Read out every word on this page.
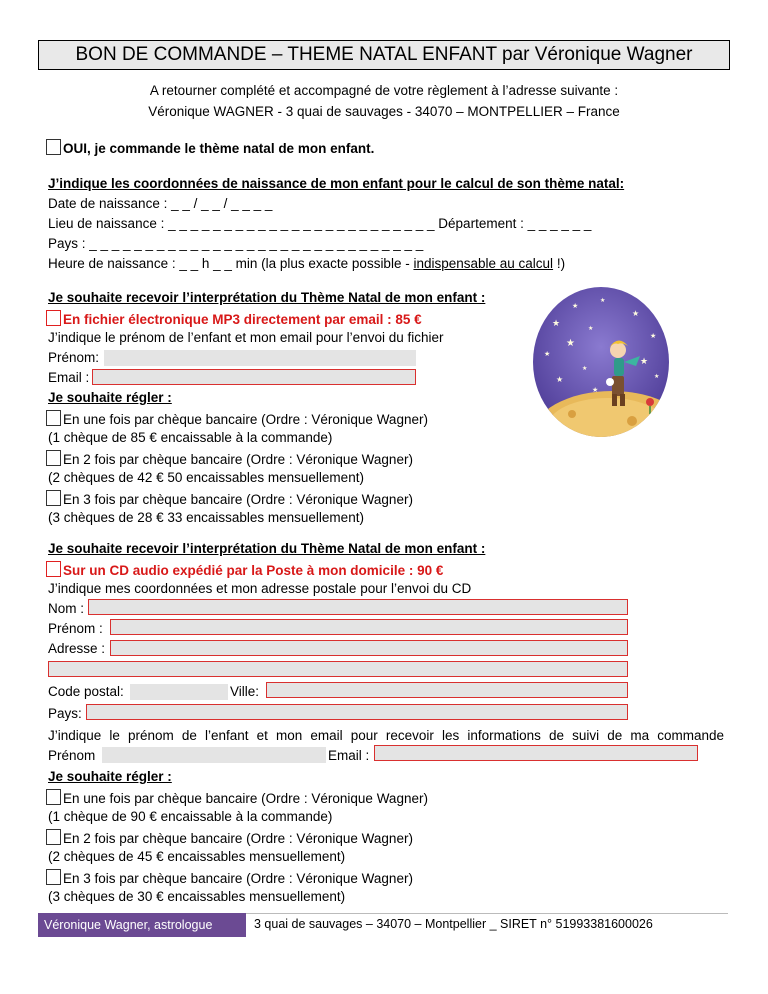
BON DE COMMANDE – THEME NATAL ENFANT par Véronique Wagner
A retourner complété et accompagné de votre règlement à l’adresse suivante :
Véronique WAGNER - 3 quai de sauvages - 34070 – MONTPELLIER – France
OUI, je commande le thème natal de mon enfant.
J’indique les coordonnées de naissance de mon enfant pour le calcul de son thème natal:
Date de naissance : _ _ / _ _ / _ _ _ _
Lieu de naissance : _ _ _ _ _ _ _ _ _ _ _ _ _ _ _ _ _ _ _ _ _ _ _ _ Département : _ _ _ _ _ _
Pays : _ _ _ _ _ _ _ _ _ _ _ _ _ _ _ _ _ _ _ _ _ _ _ _ _ _ _ _ _ _
Heure de naissance : _ _ h _ _ min (la plus exacte possible - indispensable au calcul !)
Je souhaite recevoir l’interprétation du Thème Natal de mon enfant :
En fichier électronique MP3 directement par email : 85 €
J’indique le prénom de l’enfant et mon email pour l’envoi du fichier
Prénom:
Email :
Je souhaite régler :
En une fois par chèque bancaire (Ordre : Véronique Wagner)
(1 chèque de 85 € encaissable à la commande)
En 2 fois par chèque bancaire (Ordre : Véronique Wagner)
(2 chèques de 42 € 50 encaissables mensuellement)
En 3 fois par chèque bancaire (Ordre : Véronique Wagner)
(3 chèques de 28 € 33 encaissables mensuellement)
★
★
★
★
★
★
★
★
★
★
★
★
★
Je souhaite recevoir l’interprétation du Thème Natal de mon enfant :
Sur un CD audio expédié par la Poste à mon domicile : 90 €
J’indique mes coordonnées et mon adresse postale pour l’envoi du CD
Nom :
Prénom :
Adresse :
Code postal:	Ville:
Pays:
J’indique le prénom de l’enfant et mon email pour recevoir les informations de suivi de ma commande
Prénom	Email :
Je souhaite régler :
En une fois par chèque bancaire (Ordre : Véronique Wagner)
(1 chèque de 90 € encaissable à la commande)
En 2 fois par chèque bancaire (Ordre : Véronique Wagner)
(2 chèques de 45 € encaissables mensuellement)
En 3 fois par chèque bancaire (Ordre : Véronique Wagner)
(3 chèques de 30 € encaissables mensuellement)
Véronique Wagner, astrologue	3 quai de sauvages – 34070 – Montpellier _ SIRET n° 51993381600026
